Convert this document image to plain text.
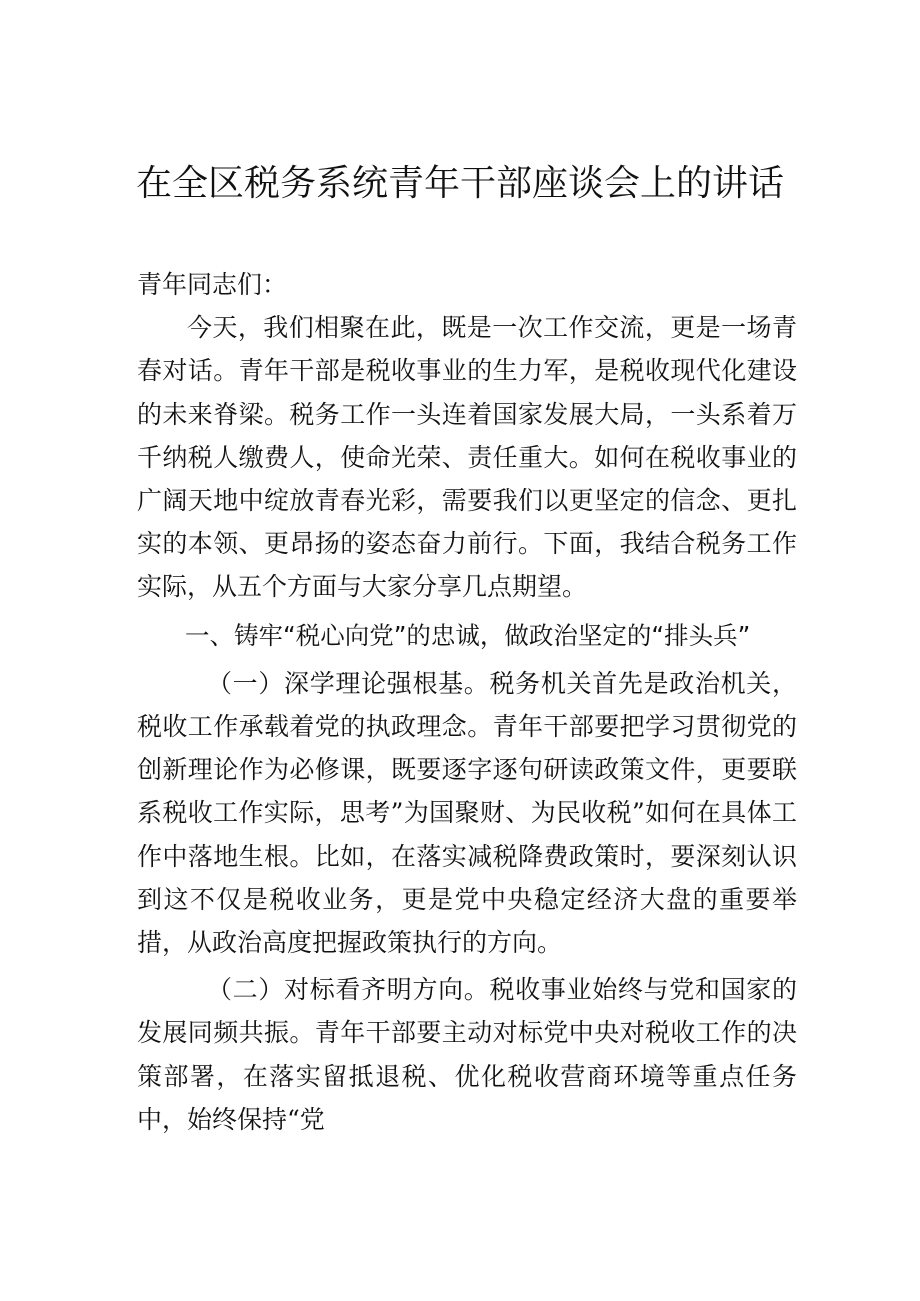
在全区税务系统青年干部座谈会上的讲话

青年同志们：

今天，我们相聚在此，既是一次工作交流，更是一场青春对话。青年干部是税收事业的生力军，是税收现代化建设的未来脊梁。税务工作一头连着国家发展大局，一头系着万千纳税人缴费人，使命光荣、责任重大。如何在税收事业的广阔天地中绽放青春光彩，需要我们以更坚定的信念、更扎实的本领、更昂扬的姿态奋力前行。下面，我结合税务工作实际，从五个方面与大家分享几点期望。

一、铸牢“税心向党”的忠诚，做政治坚定的“排头兵”

（一）深学理论强根基。税务机关首先是政治机关，税收工作承载着党的执政理念。青年干部要把学习贯彻党的创新理论作为必修课，既要逐字逐句研读政策文件，更要联系税收工作实际，思考”为国聚财、为民收税”如何在具体工作中落地生根。比如，在落实减税降费政策时，要深刻认识到这不仅是税收业务，更是党中央稳定经济大盘的重要举措，从政治高度把握政策执行的方向。

（二）对标看齐明方向。税收事业始终与党和国家的发展同频共振。青年干部要主动对标党中央对税收工作的决策部署，在落实留抵退税、优化税收营商环境等重点任务中，始终保持“党
